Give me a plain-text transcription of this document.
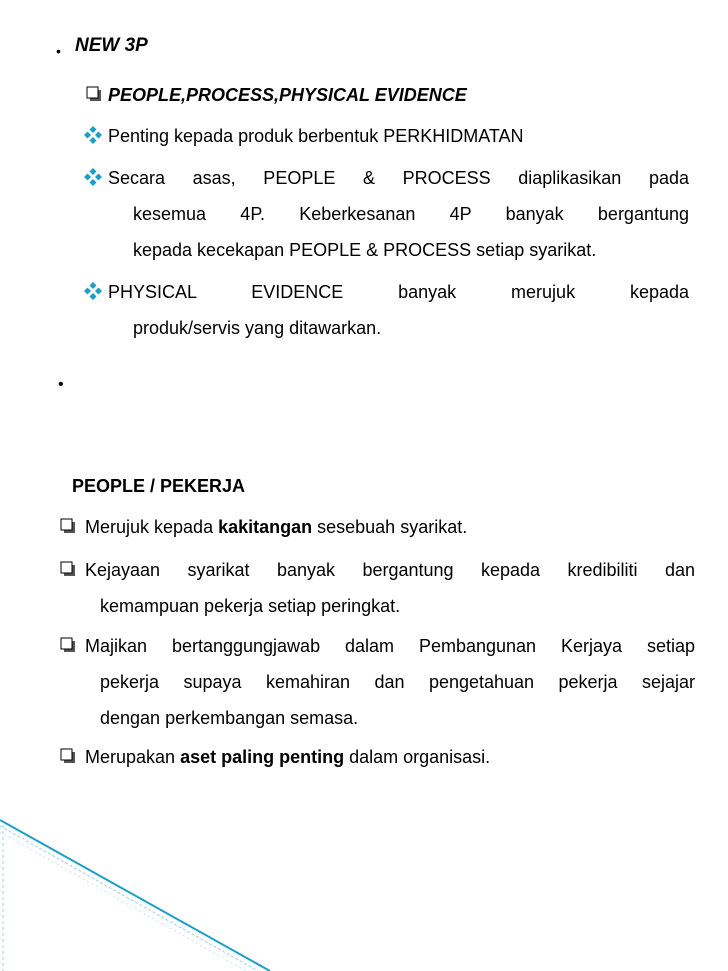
• NEW 3P
PEOPLE,PROCESS,PHYSICAL EVIDENCE
Penting kepada produk berbentuk PERKHIDMATAN
Secara asas, PEOPLE & PROCESS diaplikasikan pada
kesemua 4P. Keberkesanan 4P banyak bergantung
kepada kecekapan PEOPLE & PROCESS setiap syarikat.
PHYSICAL EVIDENCE banyak merujuk kepada
produk/servis yang ditawarkan.
•
PEOPLE / PEKERJA
Merujuk kepada kakitangan sesebuah syarikat.
Kejayaan syarikat banyak bergantung kepada kredibiliti dan
kemampuan pekerja setiap peringkat.
Majikan bertanggungjawab dalam Pembangunan Kerjaya setiap
pekerja supaya kemahiran dan pengetahuan pekerja sejajar
dengan perkembangan semasa.
Merupakan aset paling penting dalam organisasi.
